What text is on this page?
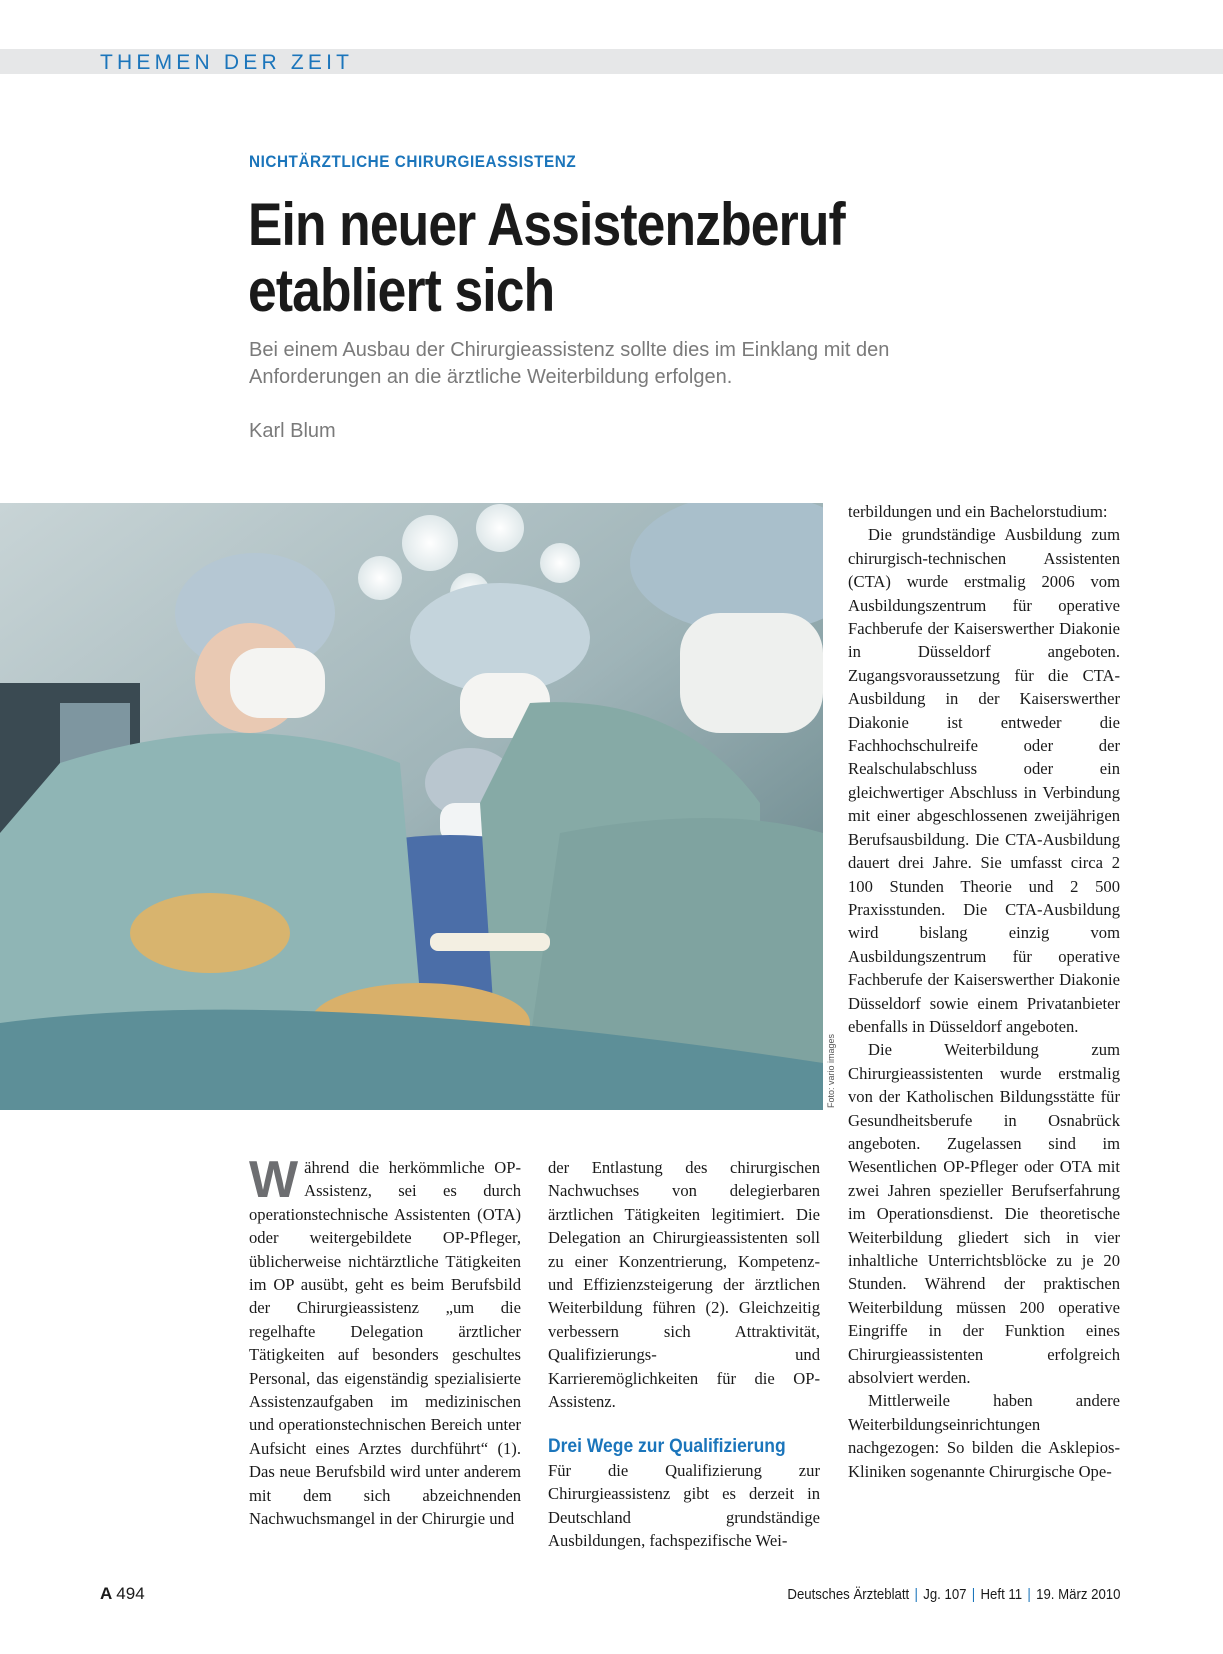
THEMEN DER ZEIT
NICHTÄRZTLICHE CHIRURGIEASSISTENZ
Ein neuer Assistenzberuf
etabliert sich
Bei einem Ausbau der Chirurgieassistenz sollte dies im Einklang mit den Anforderungen an die ärztliche Weiterbildung erfolgen.
Karl Blum
Foto: vario images

Während die herkömmliche OP-Assistenz, sei es durch operationstechnische Assistenten (OTA) oder weitergebildete OP-Pfleger, üblicherweise nichtärztliche Tätigkeiten im OP ausübt, geht es beim Berufsbild der Chirurgieassistenz „um die regelhafte Delegation ärztlicher Tätigkeiten auf besonders geschultes Personal, das eigenständig spezialisierte Assistenzaufgaben im medizinischen und operationstechnischen Bereich unter Aufsicht eines Arztes durchführt“ (1). Das neue Berufsbild wird unter anderem mit dem sich abzeichnenden Nachwuchsmangel in der Chirurgie und

der Entlastung des chirurgischen Nachwuchses von delegierbaren ärztlichen Tätigkeiten legitimiert. Die Delegation an Chirurgieassistenten soll zu einer Konzentrierung, Kompetenz- und Effizienzsteigerung der ärztlichen Weiterbildung führen (2). Gleichzeitig verbessern sich Attraktivität, Qualifizierungs- und Karrieremöglichkeiten für die OP-Assistenz.

Drei Wege zur Qualifizierung

Für die Qualifizierung zur Chirurgieassistenz gibt es derzeit in Deutschland grundständige Ausbildungen, fachspezifische Wei-

terbildungen und ein Bachelorstudium:

Die grundständige Ausbildung zum chirurgisch-technischen Assistenten (CTA) wurde erstmalig 2006 vom Ausbildungszentrum für operative Fachberufe der Kaiserswerther Diakonie in Düsseldorf angeboten. Zugangsvoraussetzung für die CTA-Ausbildung in der Kaiserswerther Diakonie ist entweder die Fachhochschulreife oder der Realschulabschluss oder ein gleichwertiger Abschluss in Verbindung mit einer abgeschlossenen zweijährigen Berufsausbildung. Die CTA-Ausbildung dauert drei Jahre. Sie umfasst circa 2 100 Stunden Theorie und 2 500 Praxisstunden. Die CTA-Ausbildung wird bislang einzig vom Ausbildungszentrum für operative Fachberufe der Kaiserswerther Diakonie Düsseldorf sowie einem Privatanbieter ebenfalls in Düsseldorf angeboten.

Die Weiterbildung zum Chirurgieassistenten wurde erstmalig von der Katholischen Bildungsstätte für Gesundheitsberufe in Osnabrück angeboten. Zugelassen sind im Wesentlichen OP-Pfleger oder OTA mit zwei Jahren spezieller Berufserfahrung im Operationsdienst. Die theoretische Weiterbildung gliedert sich in vier inhaltliche Unterrichtsblöcke zu je 20 Stunden. Während der praktischen Weiterbildung müssen 200 operative Eingriffe in der Funktion eines Chirurgieassistenten erfolgreich absolviert werden.

Mittlerweile haben andere Weiterbildungseinrichtungen nachgezogen: So bilden die Asklepios-Kliniken sogenannte Chirurgische Ope-

A 494	Deutsches Ärzteblatt | Jg. 107 | Heft 11 | 19. März 2010
